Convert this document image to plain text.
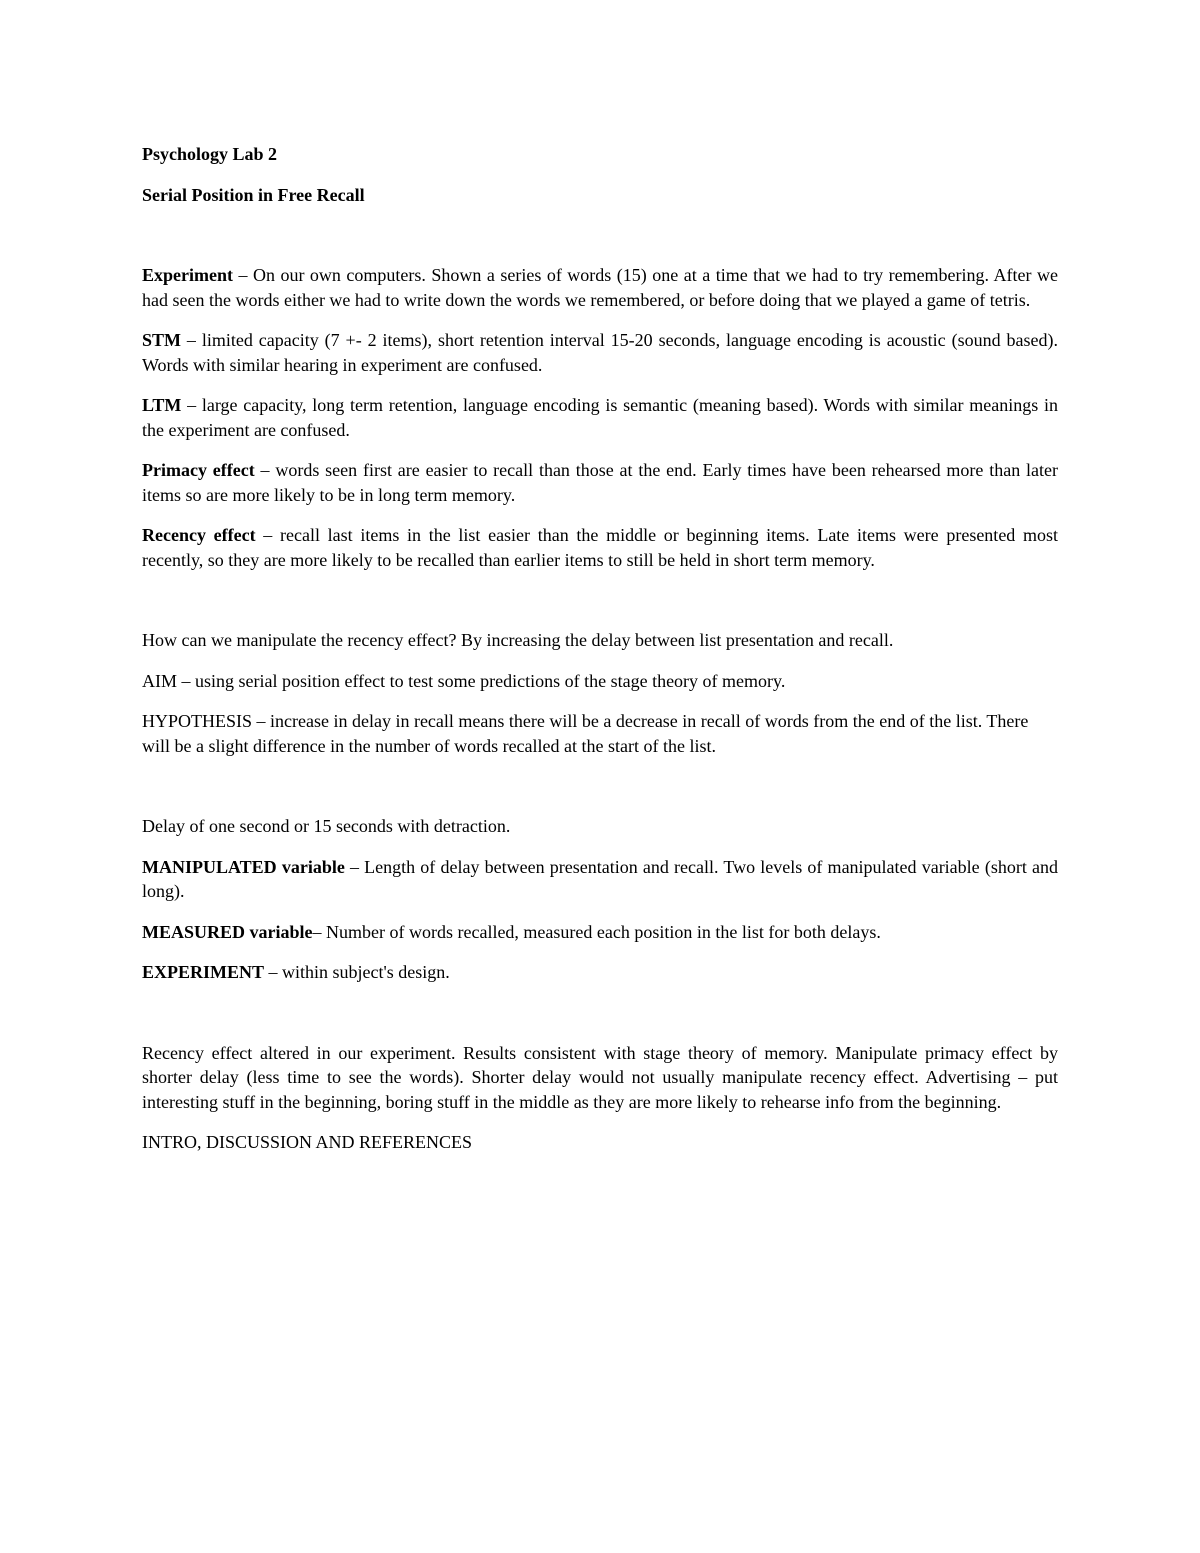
Psychology Lab 2

Serial Position in Free Recall

Experiment – On our own computers. Shown a series of words (15) one at a time that we had to try remembering. After we had seen the words either we had to write down the words we remembered, or before doing that we played a game of tetris.

STM – limited capacity (7 +- 2 items), short retention interval 15-20 seconds, language encoding is acoustic (sound based). Words with similar hearing in experiment are confused.

LTM – large capacity, long term retention, language encoding is semantic (meaning based). Words with similar meanings in the experiment are confused.

Primacy effect – words seen first are easier to recall than those at the end. Early times have been rehearsed more than later items so are more likely to be in long term memory.

Recency effect – recall last items in the list easier than the middle or beginning items. Late items were presented most recently, so they are more likely to be recalled than earlier items to still be held in short term memory.

How can we manipulate the recency effect? By increasing the delay between list presentation and recall.

AIM – using serial position effect to test some predictions of the stage theory of memory.

HYPOTHESIS – increase in delay in recall means there will be a decrease in recall of words from the end of the list. There will be a slight difference in the number of words recalled at the start of the list.

Delay of one second or 15 seconds with detraction.

MANIPULATED variable – Length of delay between presentation and recall. Two levels of manipulated variable (short and long).

MEASURED variable– Number of words recalled, measured each position in the list for both delays.

EXPERIMENT – within subject's design.

Recency effect altered in our experiment. Results consistent with stage theory of memory. Manipulate primacy effect by shorter delay (less time to see the words). Shorter delay would not usually manipulate recency effect. Advertising – put interesting stuff in the beginning, boring stuff in the middle as they are more likely to rehearse info from the beginning.

INTRO, DISCUSSION AND REFERENCES
